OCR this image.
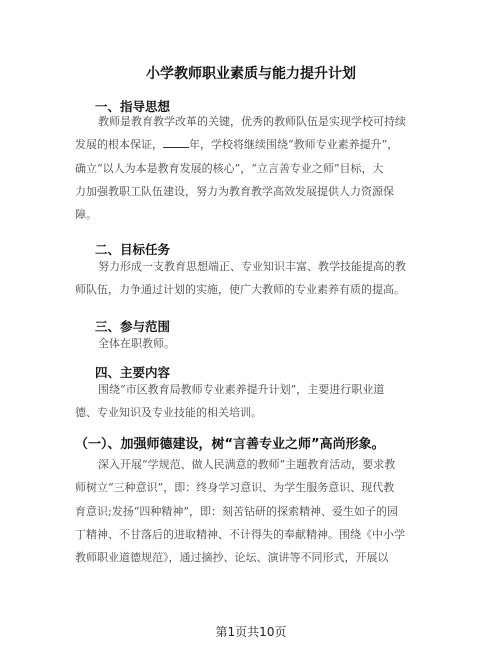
小学教师职业素质与能力提升计划
一、指导思想
教师是教育教学改革的关键，优秀的教师队伍是实现学校可持续
发展的根本保证， 年，学校将继续围绕“教师专业素养提升”，
确立“以人为本是教育发展的核心”，“立言善专业之师”目标，大
力加强教职工队伍建设，努力为教育教学高效发展提供人力资源保
障。
二、目标任务
努力形成一支教育思想端正、专业知识丰富、教学技能提高的教
师队伍，力争通过计划的实施，使广大教师的专业素养有质的提高。
三、参与范围
全体在职教师。
四、主要内容
围绕“市区教育局教师专业素养提升计划”，主要进行职业道
德、专业知识及专业技能的相关培训。
（一）、加强师德建设，树“言善专业之师”高尚形象。
深入开展“学规范、做人民满意的教师”主题教育活动，要求教
师树立“三种意识”，即：终身学习意识、为学生服务意识、现代教
育意识;发扬“四种精神”，即：刻苦钻研的探索精神、爱生如子的园
丁精神、不甘落后的进取精神、不计得失的奉献精神。围绕《中小学
教师职业道德规范》，通过摘抄、论坛、演讲等不同形式，开展以
第1页共10页
